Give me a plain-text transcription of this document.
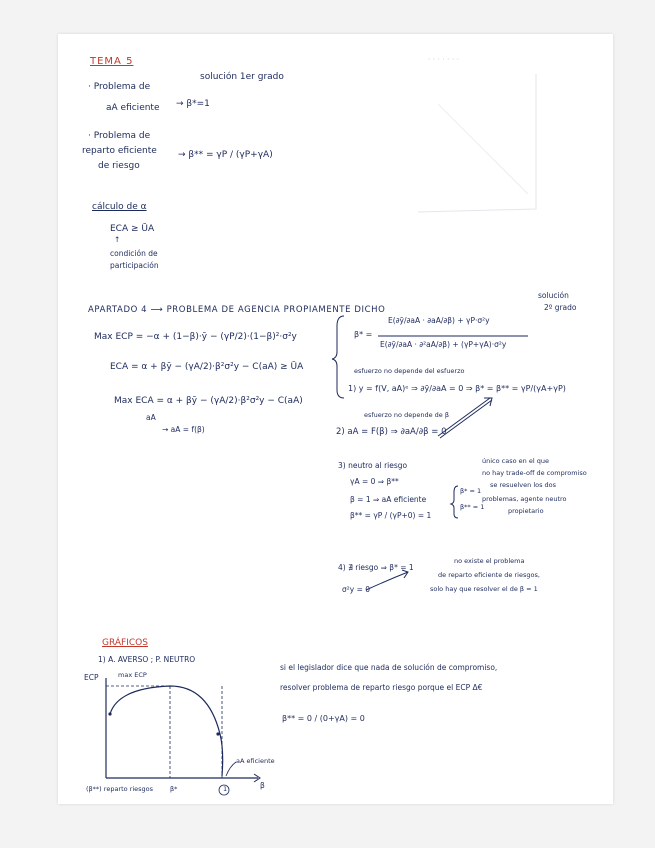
· · · · · · ·
TEMA 5
solución 1er grado
· Problema de
aA eficiente → β*=1
· Problema de
reparto eficiente
de riesgo
→ β** = γP / (γP+γA)
cálculo de α
ECA ≥ ŪA
↑
condición de
participación
APARTADO 4 ⟶ PROBLEMA DE AGENCIA PROPIAMENTE DICHO
solución
2º grado
Max ECP = −α + (1−β)·ȳ − (γP/2)·(1−β)²·σ²y
ECA = α + βȳ − (γA/2)·β²σ²y − C(aA) ≥ ŪA
Max ECA = α + βȳ − (γA/2)·β²σ²y − C(aA)
aA
→ aA = f(β)
β* =
E(∂ȳ/∂aA · ∂aA/∂β) + γP·σ²y
E(∂ȳ/∂aA · ∂²aA/∂β) + (γP+γA)·σ²y
esfuerzo no depende del esfuerzo
1) y = f(V, aA)ᵉ ⇒ ∂ȳ/∂aA = 0 ⇒ β* = β** = γP/(γA+γP)
esfuerzo no depende de β
2) aA = F(β) ⇒ ∂aA/∂β = 0
3) neutro al riesgo
γA = 0 ⇒ β**
β = 1 ⇒ aA eficiente
β** = γP / (γP+0) = 1
β* = 1
β** = 1
único caso en el que
no hay trade-off de compromiso
se resuelven los dos
problemas, agente neutro
propietario
4) ∄ riesgo ⇒ β* = 1
σ²y = 0
no existe el problema
de reparto eficiente de riesgos,
solo hay que resolver el de β = 1
GRÁFICOS
1) A. AVERSO ; P. NEUTRO
ECP	max ECP
β
aA eficiente
(β**) reparto riesgos	β*	1
si el legislador dice que nada de solución de compromiso,
resolver problema de reparto riesgo porque el ECP Δ€
β** = 0 / (0+γA) = 0
